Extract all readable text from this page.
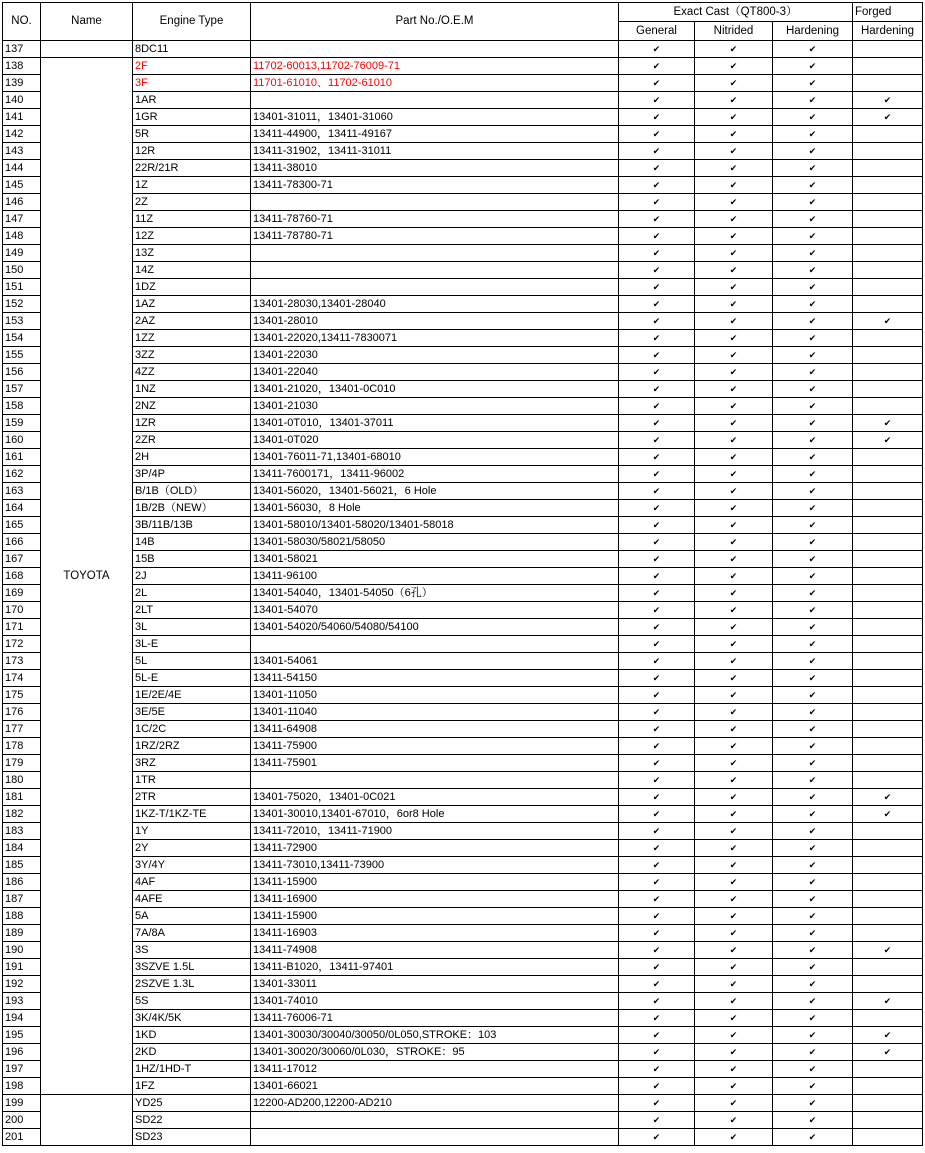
NO.	Name	Engine Type	Part No./O.E.M	Exact Cast（QT800-3）			Forged
				General	Nitrided	Hardening	Hardening
137		8DC11		✔	✔	✔	
138	TOYOTA	2F	11702-60013,11702-76009-71	✔	✔	✔	
139		3F	11701-61010、11702-61010	✔	✔	✔	
140		1AR		✔	✔	✔	✔
141		1GR	13401-31011，13401-31060	✔	✔	✔	✔
142		5R	13411-44900，13411-49167	✔	✔	✔	
143		12R	13411-31902，13411-31011	✔	✔	✔	
144		22R/21R	13411-38010	✔	✔	✔	
145		1Z	13411-78300-71	✔	✔	✔	
146		2Z		✔	✔	✔	
147		11Z	13411-78760-71	✔	✔	✔	
148		12Z	13411-78780-71	✔	✔	✔	
149		13Z		✔	✔	✔	
150		14Z		✔	✔	✔	
151		1DZ		✔	✔	✔	
152		1AZ	13401-28030,13401-28040	✔	✔	✔	
153		2AZ	13401-28010	✔	✔	✔	✔
154		1ZZ	13401-22020,13411-7830071	✔	✔	✔	
155		3ZZ	13401-22030	✔	✔	✔	
156		4ZZ	13401-22040	✔	✔	✔	
157		1NZ	13401-21020，13401-0C010	✔	✔	✔	
158		2NZ	13401-21030	✔	✔	✔	
159		1ZR	13401-0T010，13401-37011	✔	✔	✔	✔
160		2ZR	13401-0T020	✔	✔	✔	✔
161		2H	13401-76011-71,13401-68010	✔	✔	✔	
162		3P/4P	13411-7600171，13411-96002	✔	✔	✔	
163		B/1B（OLD）	13401-56020，13401-56021，6 Hole	✔	✔	✔	
164		1B/2B（NEW）	13401-56030，8 Hole	✔	✔	✔	
165		3B/11B/13B	13401-58010/13401-58020/13401-58018	✔	✔	✔	
166		14B	13401-58030/58021/58050	✔	✔	✔	
167		15B	13401-58021	✔	✔	✔	
168		2J	13411-96100	✔	✔	✔	
169		2L	13401-54040，13401-54050（6孔）	✔	✔	✔	
170		2LT	13401-54070	✔	✔	✔	
171		3L	13401-54020/54060/54080/54100	✔	✔	✔	
172		3L-E		✔	✔	✔	
173		5L	13401-54061	✔	✔	✔	
174		5L-E	13411-54150	✔	✔	✔	
175		1E/2E/4E	13401-11050	✔	✔	✔	
176		3E/5E	13401-11040	✔	✔	✔	
177		1C/2C	13411-64908	✔	✔	✔	
178		1RZ/2RZ	13411-75900	✔	✔	✔	
179		3RZ	13411-75901	✔	✔	✔	
180		1TR		✔	✔	✔	
181		2TR	13401-75020，13401-0C021	✔	✔	✔	✔
182		1KZ-T/1KZ-TE	13401-30010,13401-67010，6or8 Hole	✔	✔	✔	✔
183		1Y	13411-72010，13411-71900	✔	✔	✔	
184		2Y	13411-72900	✔	✔	✔	
185		3Y/4Y	13411-73010,13411-73900	✔	✔	✔	
186		4AF	13411-15900	✔	✔	✔	
187		4AFE	13411-16900	✔	✔	✔	
188		5A	13411-15900	✔	✔	✔	
189		7A/8A	13411-16903	✔	✔	✔	
190		3S	13411-74908	✔	✔	✔	✔
191		3SZVE 1.5L	13411-B1020，13411-97401	✔	✔	✔	
192		2SZVE 1.3L	13401-33011	✔	✔	✔	
193		5S	13401-74010	✔	✔	✔	✔
194		3K/4K/5K	13411-76006-71	✔	✔	✔	
195		1KD	13401-30030/30040/30050/0L050,STROKE：103	✔	✔	✔	✔
196		2KD	13401-30020/30060/0L030，STROKE：95	✔	✔	✔	✔
197		1HZ/1HD-T	13411-17012	✔	✔	✔	
198		1FZ	13401-66021	✔	✔	✔	
199		YD25	12200-AD200,12200-AD210	✔	✔	✔	
200		SD22		✔	✔	✔	
201		SD23		✔	✔	✔	
